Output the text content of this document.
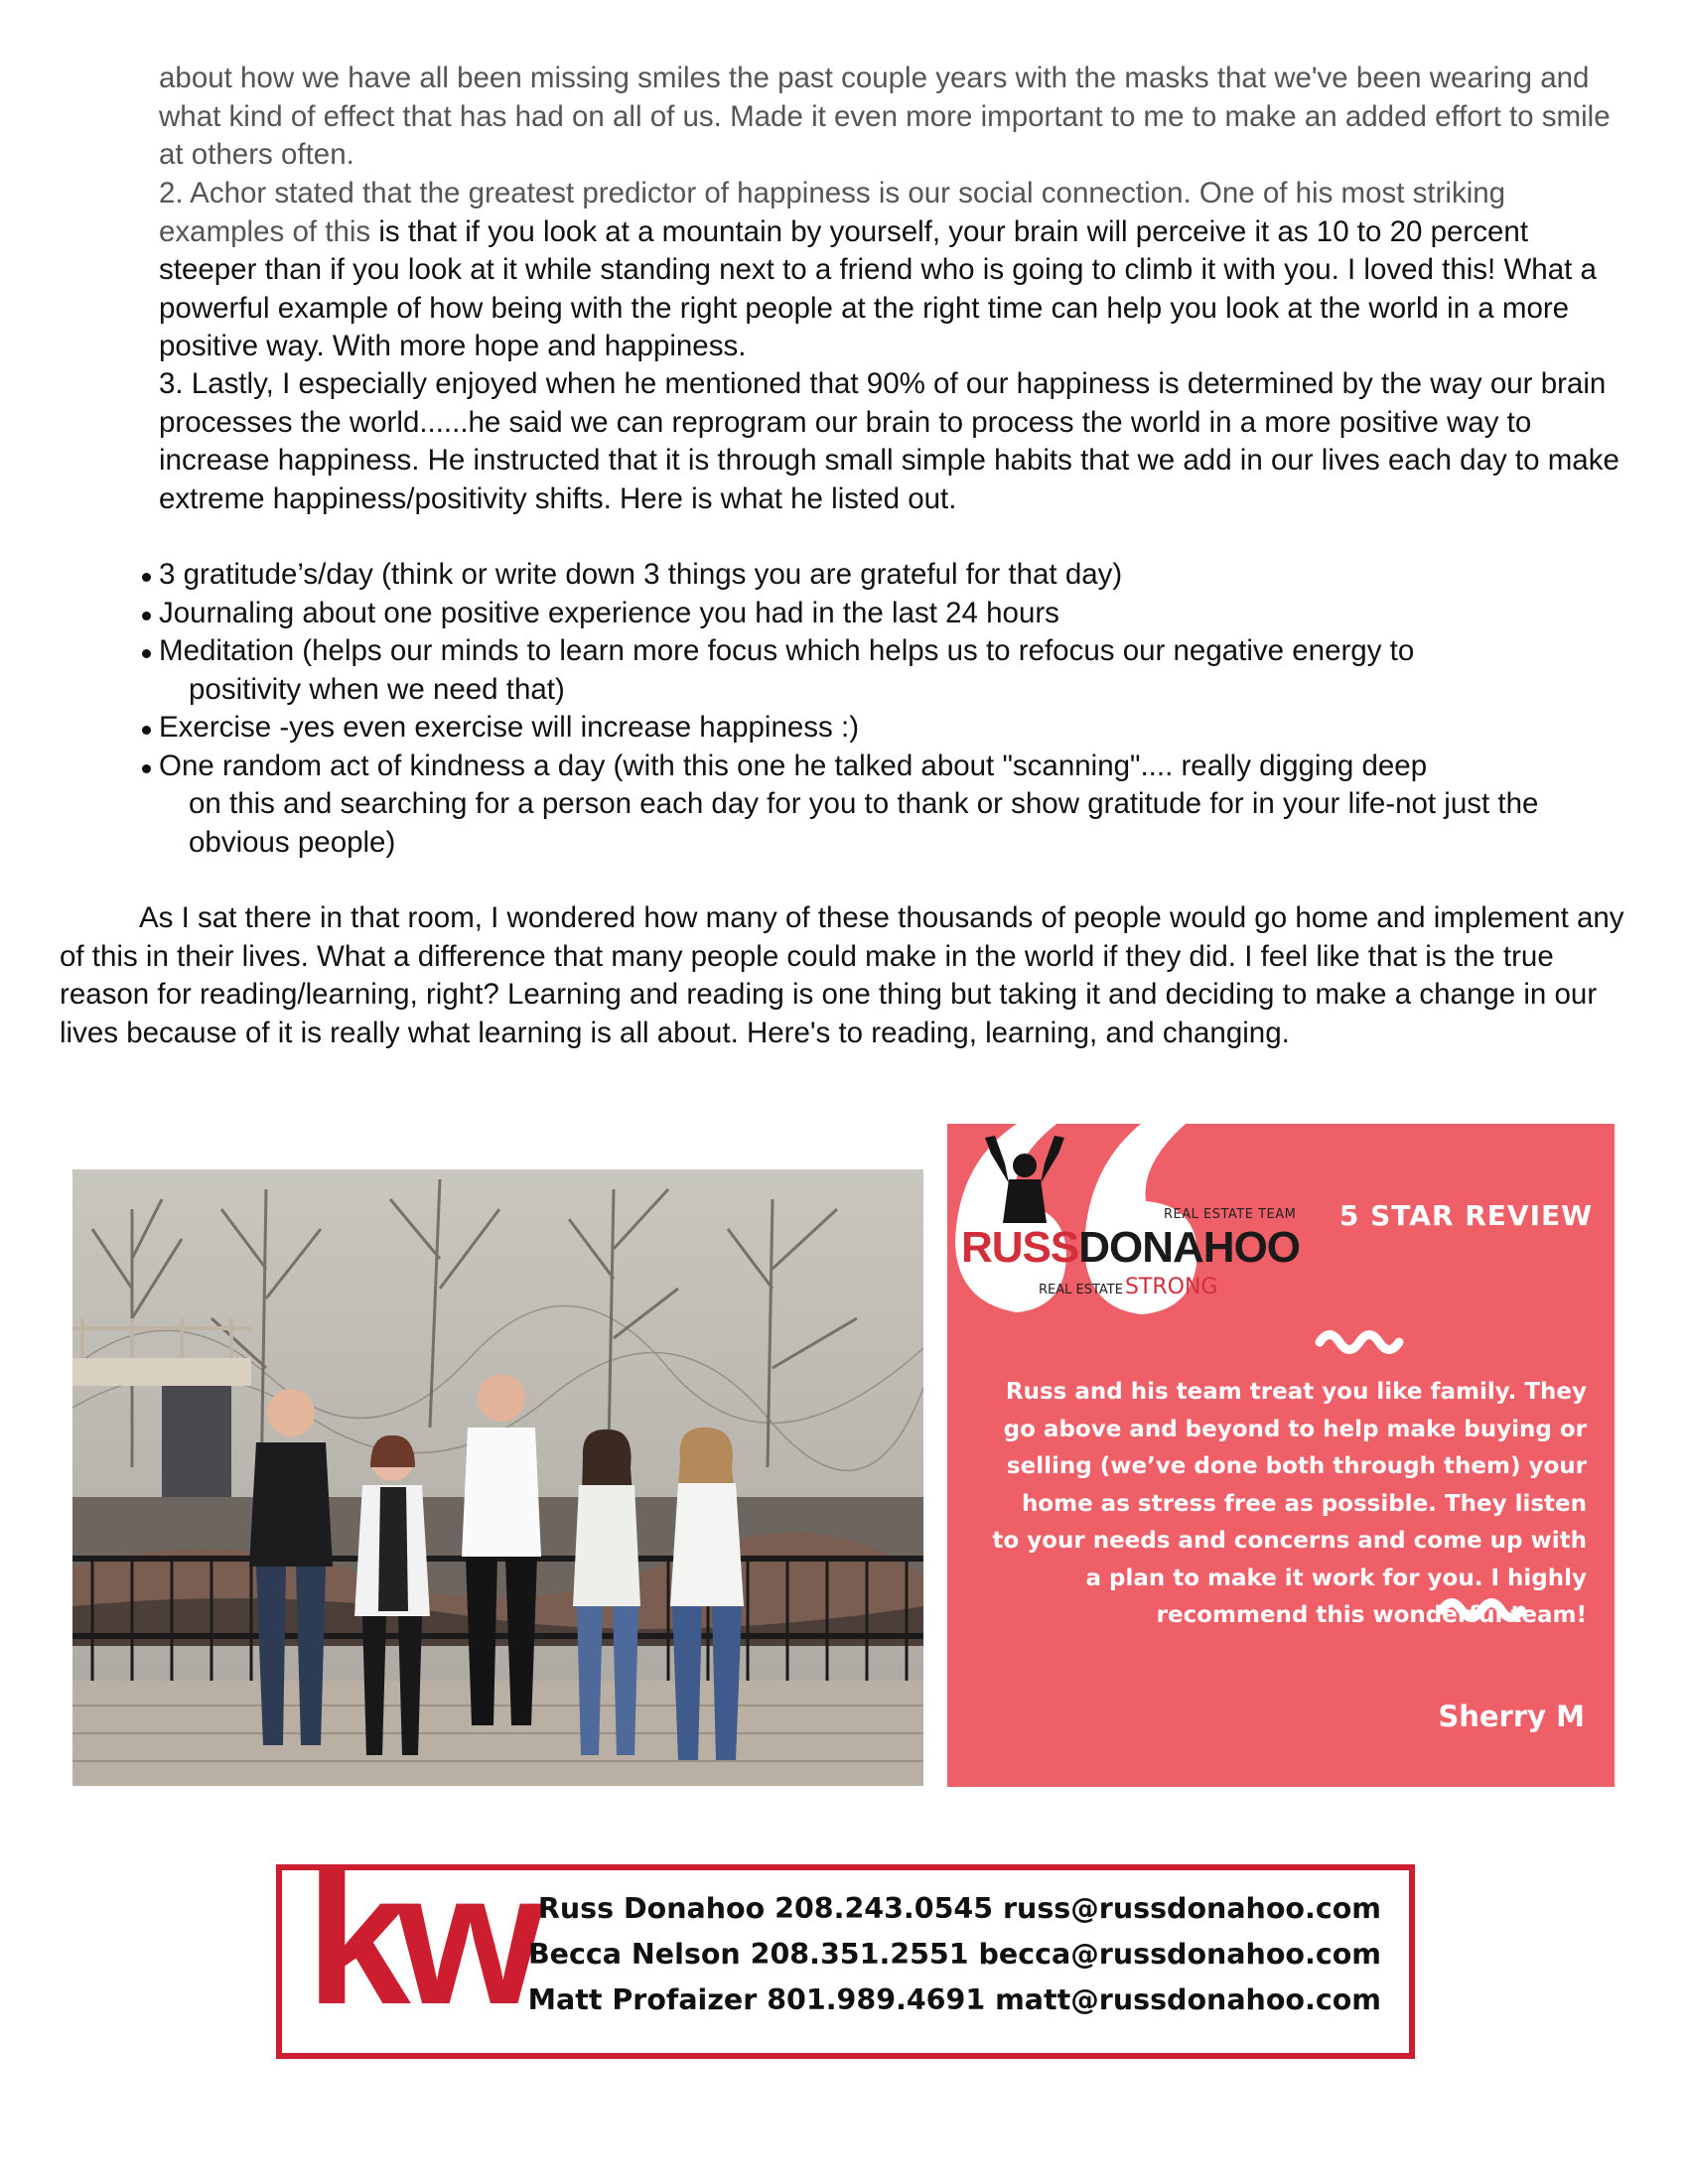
about how we have all been missing smiles the past couple years with the masks that we've been wearing and what kind of effect that has had on all of us. Made it even more important to me to make an added effort to smile at others often.

2. Achor stated that the greatest predictor of happiness is our social connection. One of his most striking examples of this is that if you look at a mountain by yourself, your brain will perceive it as 10 to 20 percent steeper than if you look at it while standing next to a friend who is going to climb it with you. I loved this! What a powerful example of how being with the right people at the right time can help you look at the world in a more positive way. With more hope and happiness.

3. Lastly, I especially enjoyed when he mentioned that 90% of our happiness is determined by the way our brain processes the world......he said we can reprogram our brain to process the world in a more positive way to increase happiness. He instructed that it is through small simple habits that we add in our lives each day to make extreme happiness/positivity shifts. Here is what he listed out.

3 gratitude’s/day (think or write down 3 things you are grateful for that day)
Journaling about one positive experience you had in the last 24 hours
Meditation (helps our minds to learn more focus which helps us to refocus our negative energy to
positivity when we need that)
Exercise -yes even exercise will increase happiness :)
One random act of kindness a day (with this one he talked about "scanning".... really digging deep
on this and searching for a person each day for you to thank or show gratitude for in your life-not just the obvious people)

As I sat there in that room, I wondered how many of these thousands of people would go home and implement any of this in their lives. What a difference that many people could make in the world if they did. I feel like that is the true reason for reading/learning, right? Learning and reading is one thing but taking it and deciding to make a change in our lives because of it is really what learning is all about. Here's to reading, learning, and changing.

REAL ESTATE TEAM
RUSSDONAHOO
REAL ESTATESTRONG
5 STAR REVIEW
Russ and his team treat you like family. They go above and beyond to help make buying or selling (we’ve done both through them) your home as stress free as possible. They listen to your needs and concerns and come up with a plan to make it work for you. I highly recommend this wonderful team!
Sherry M
kw Russ Donahoo 208.243.0545 russ@russdonahoo.com
Becca Nelson 208.351.2551 becca@russdonahoo.com
Matt Profaizer 801.989.4691 matt@russdonahoo.com
